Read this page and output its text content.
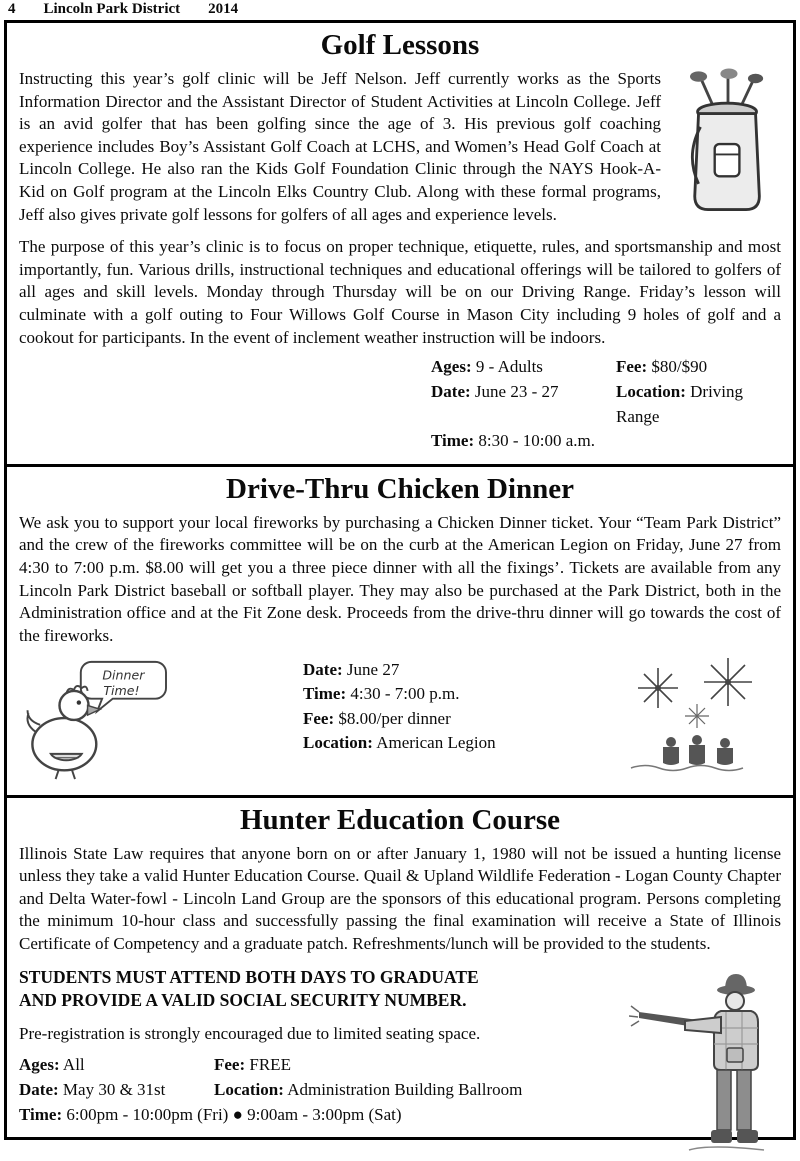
4 Lincoln Park District 2014
Golf Lessons

Instructing this year’s golf clinic will be Jeff Nelson. Jeff currently works as the Sports Information Director and the Assistant Director of Student Activities at Lincoln College. Jeff is an avid golfer that has been golfing since the age of 3. His previous golf coaching experience includes Boy’s Assistant Golf Coach at LCHS, and Women’s Head Golf Coach at Lincoln College. He also ran the Kids Golf Foundation Clinic through the NAYS Hook-A-Kid on Golf program at the Lincoln Elks Country Club. Along with these formal programs, Jeff also gives private golf lessons for golfers of all ages and experience levels.

The purpose of this year’s clinic is to focus on proper technique, etiquette, rules, and sportsmanship and most importantly, fun. Various drills, instructional techniques and educational offerings will be tailored to golfers of all ages and skill levels. Monday through Thursday will be on our Driving Range. Friday’s lesson will culminate with a golf outing to Four Willows Golf Course in Mason City including 9 holes of golf and a cookout for participants. In the event of inclement weather instruction will be indoors.

Ages: 9 - Adults	Fee: $80/$90
Date: June 23 - 27	Location: Driving Range
Time: 8:30 - 10:00 a.m.
Drive-Thru Chicken Dinner

We ask you to support your local fireworks by purchasing a Chicken Dinner ticket. Your “Team Park District” and the crew of the fireworks committee will be on the curb at the American Legion on Friday, June 27 from 4:30 to 7:00 p.m. $8.00 will get you a three piece dinner with all the fixings’. Tickets are available from any Lincoln Park District baseball or softball player. They may also be purchased at the Park District, both in the Administration office and at the Fit Zone desk. Proceeds from the drive-thru dinner will go towards the cost of the fireworks.

Dinner
Time!
Date: June 27
Time: 4:30 - 7:00 p.m.
Fee: $8.00/per dinner
Location: American Legion
Hunter Education Course

Illinois State Law requires that anyone born on or after January 1, 1980 will not be issued a hunting license unless they take a valid Hunter Education Course. Quail & Upland Wildlife Federation - Logan County Chapter and Delta Water-fowl - Lincoln Land Group are the sponsors of this educational program. Persons completing the minimum 10-hour class and successfully passing the final examination will receive a State of Illinois Certificate of Competency and a graduate patch. Refreshments/lunch will be provided to the students.

STUDENTS MUST ATTEND BOTH DAYS TO GRADUATE AND PROVIDE A VALID SOCIAL SECURITY NUMBER.

Pre-registration is strongly encouraged due to limited seating space.

Ages: All	Fee: FREE
Date: May 30 & 31st	Location: Administration Building Ballroom
Time: 6:00pm - 10:00pm (Fri) ● 9:00am - 3:00pm (Sat)
